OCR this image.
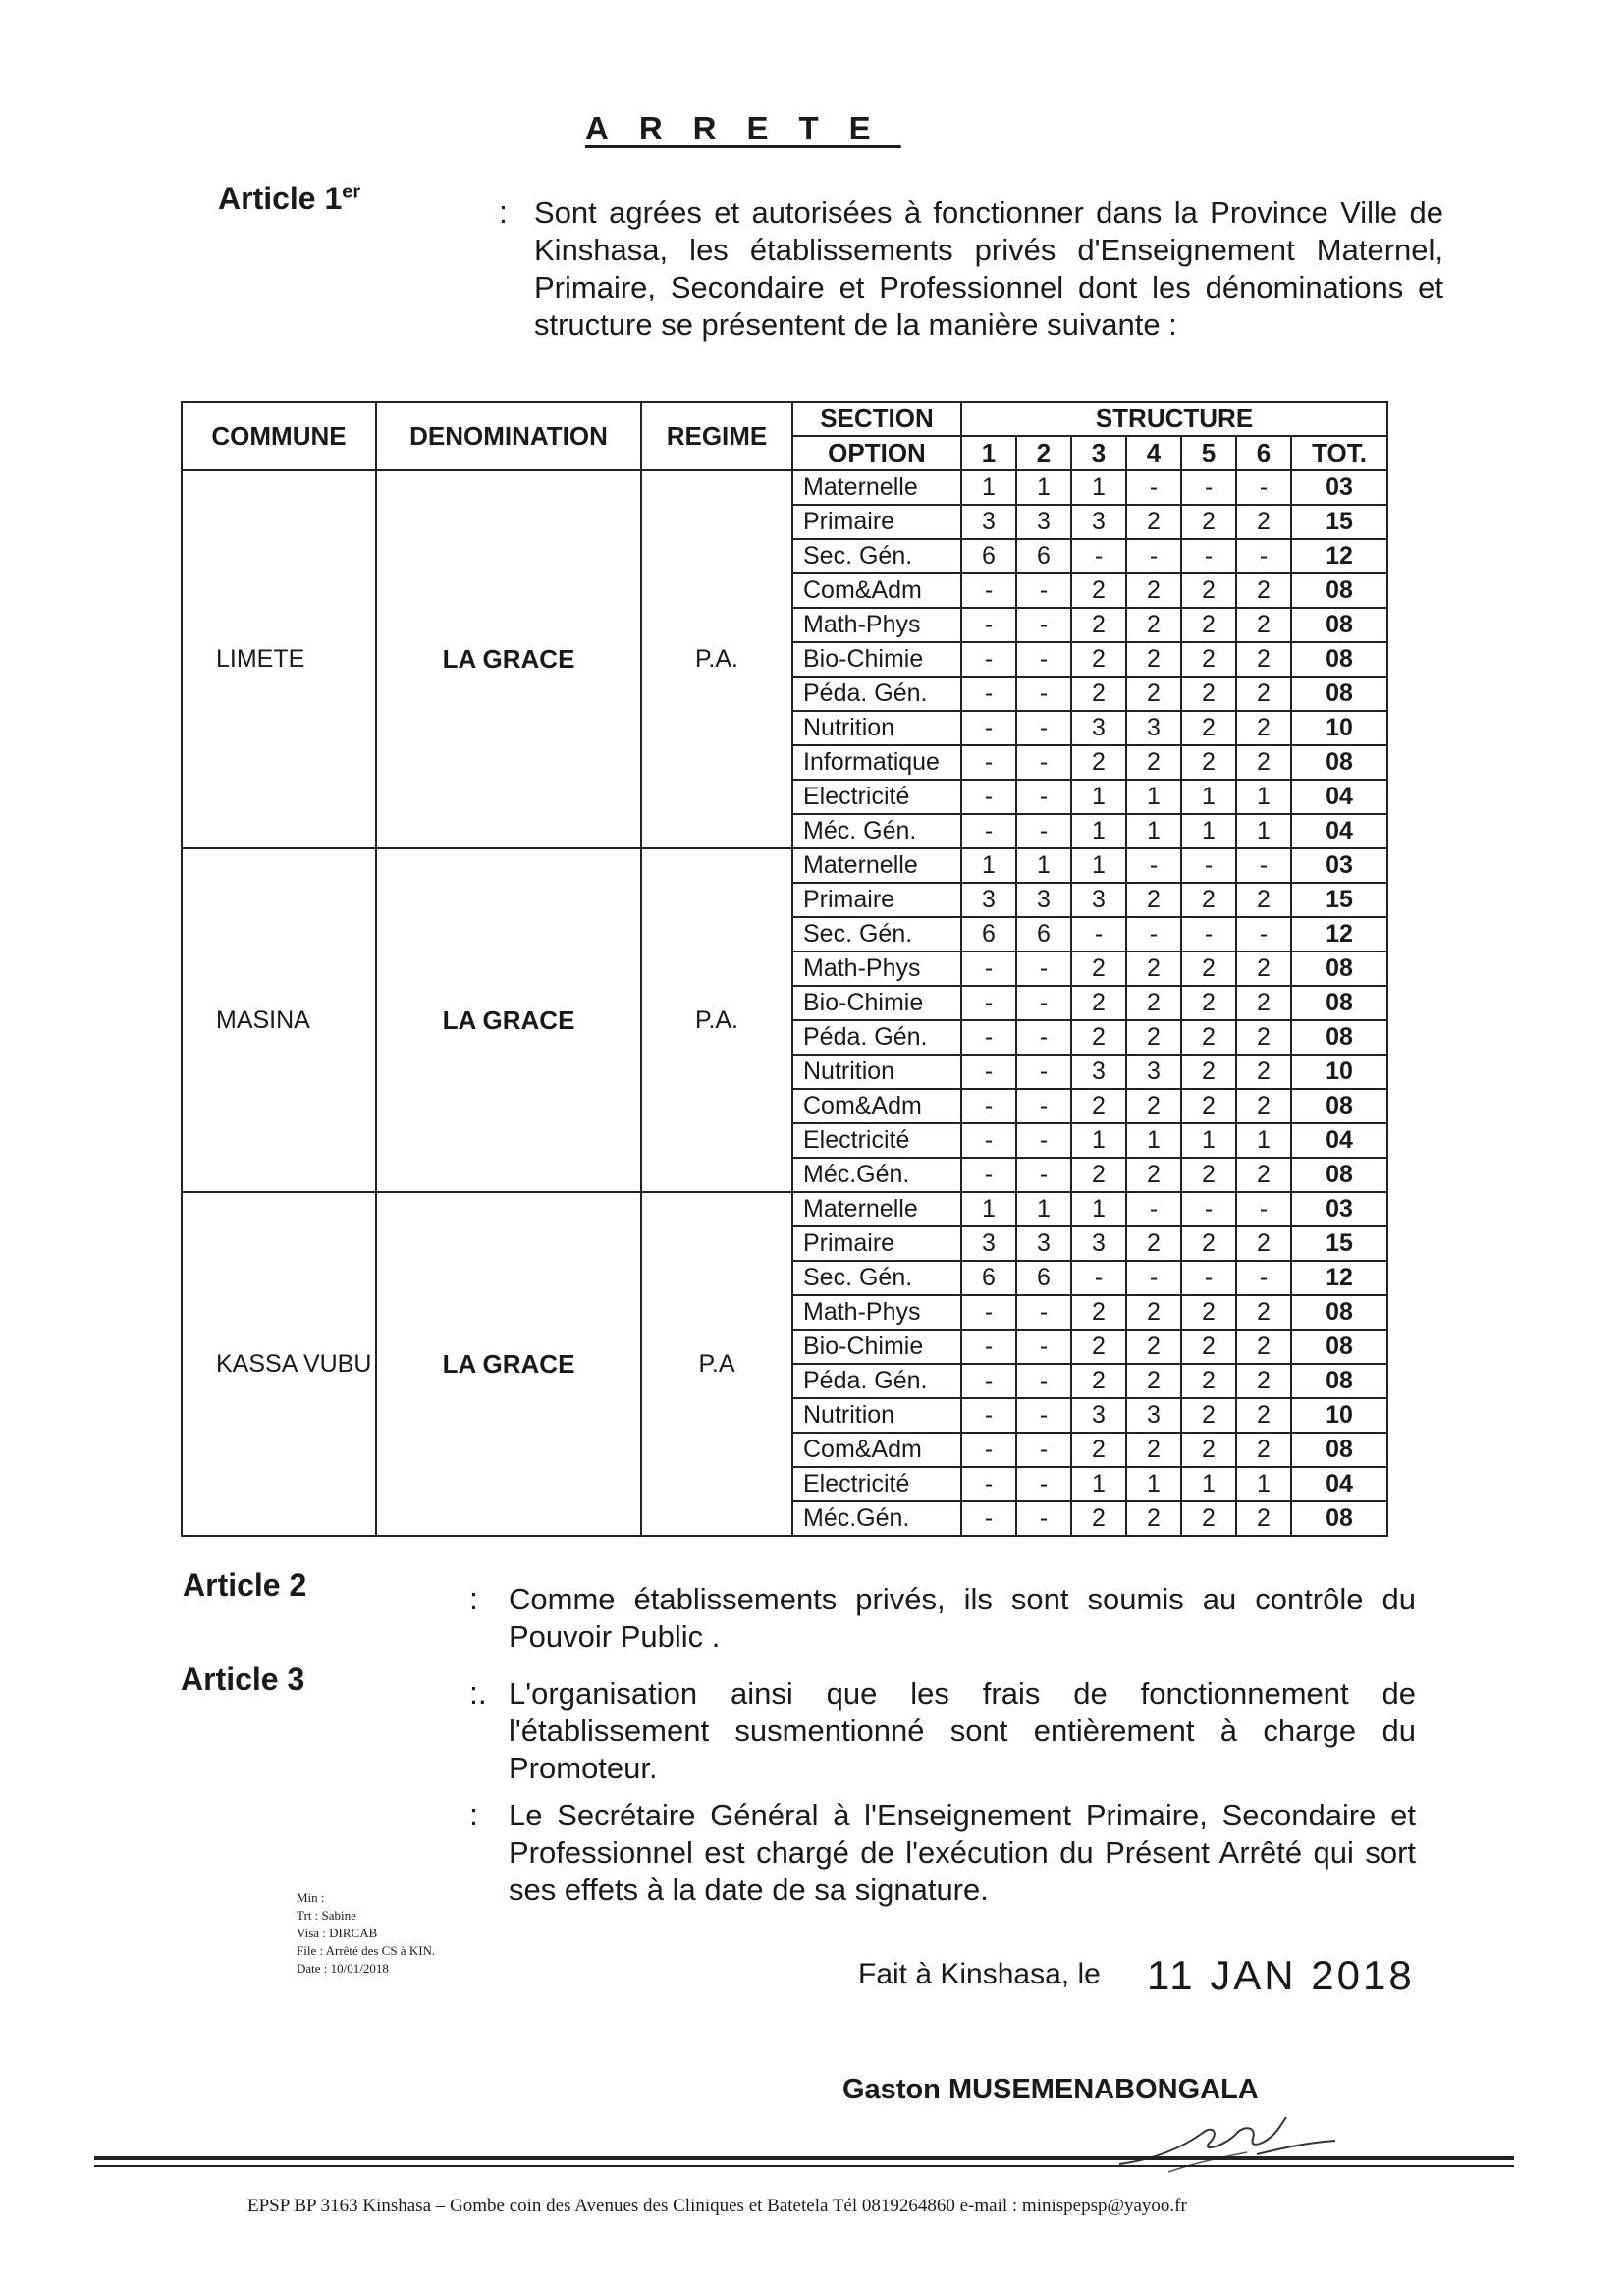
ARRETE
Article 1er
: Sont agrées et autorisées à fonctionner dans la Province Ville de Kinshasa, les établissements privés d'Enseignement Maternel, Primaire, Secondaire et Professionnel dont les dénominations et structure se présentent de la manière suivante :
COMMUNE	DENOMINATION	REGIME	SECTION	STRUCTURE						
			OPTION	1	2	3	4	5	6	TOT.
LIMETE	LA GRACE	P.A.	Maternelle	1	1	1	-	-	-	03
			Primaire	3	3	3	2	2	2	15
			Sec. Gén.	6	6	-	-	-	-	12
			Com&Adm	-	-	2	2	2	2	08
			Math-Phys	-	-	2	2	2	2	08
			Bio-Chimie	-	-	2	2	2	2	08
			Péda. Gén.	-	-	2	2	2	2	08
			Nutrition	-	-	3	3	2	2	10
			Informatique	-	-	2	2	2	2	08
			Electricité	-	-	1	1	1	1	04
			Méc. Gén.	-	-	1	1	1	1	04
MASINA	LA GRACE	P.A.	Maternelle	1	1	1	-	-	-	03
			Primaire	3	3	3	2	2	2	15
			Sec. Gén.	6	6	-	-	-	-	12
			Math-Phys	-	-	2	2	2	2	08
			Bio-Chimie	-	-	2	2	2	2	08
			Péda. Gén.	-	-	2	2	2	2	08
			Nutrition	-	-	3	3	2	2	10
			Com&Adm	-	-	2	2	2	2	08
			Electricité	-	-	1	1	1	1	04
			Méc.Gén.	-	-	2	2	2	2	08
KASSA VUBU	LA GRACE	P.A	Maternelle	1	1	1	-	-	-	03
			Primaire	3	3	3	2	2	2	15
			Sec. Gén.	6	6	-	-	-	-	12
			Math-Phys	-	-	2	2	2	2	08
			Bio-Chimie	-	-	2	2	2	2	08
			Péda. Gén.	-	-	2	2	2	2	08
			Nutrition	-	-	3	3	2	2	10
			Com&Adm	-	-	2	2	2	2	08
			Electricité	-	-	1	1	1	1	04
			Méc.Gén.	-	-	2	2	2	2	08
Article 2	: Comme établissements privés, ils sont soumis au contrôle du Pouvoir Public .
Article 3	:. L'organisation ainsi que les frais de fonctionnement de l'établissement susmentionné sont entièrement à charge du Promoteur.
: Le Secrétaire Général à l'Enseignement Primaire, Secondaire et Professionnel est chargé de l'exécution du Présent Arrêté qui sort ses effets à la date de sa signature.
Min :
Trt : Sabine
Visa : DIRCAB
File : Arrêté des CS à KIN.
Date : 10/01/2018	Fait à Kinshasa, le 11 JAN 2018
Gaston MUSEMENABONGALA
EPSP BP 3163 Kinshasa – Gombe coin des Avenues des Cliniques et Batetela Tél 0819264860 e-mail : minispepsp@yayoo.fr
